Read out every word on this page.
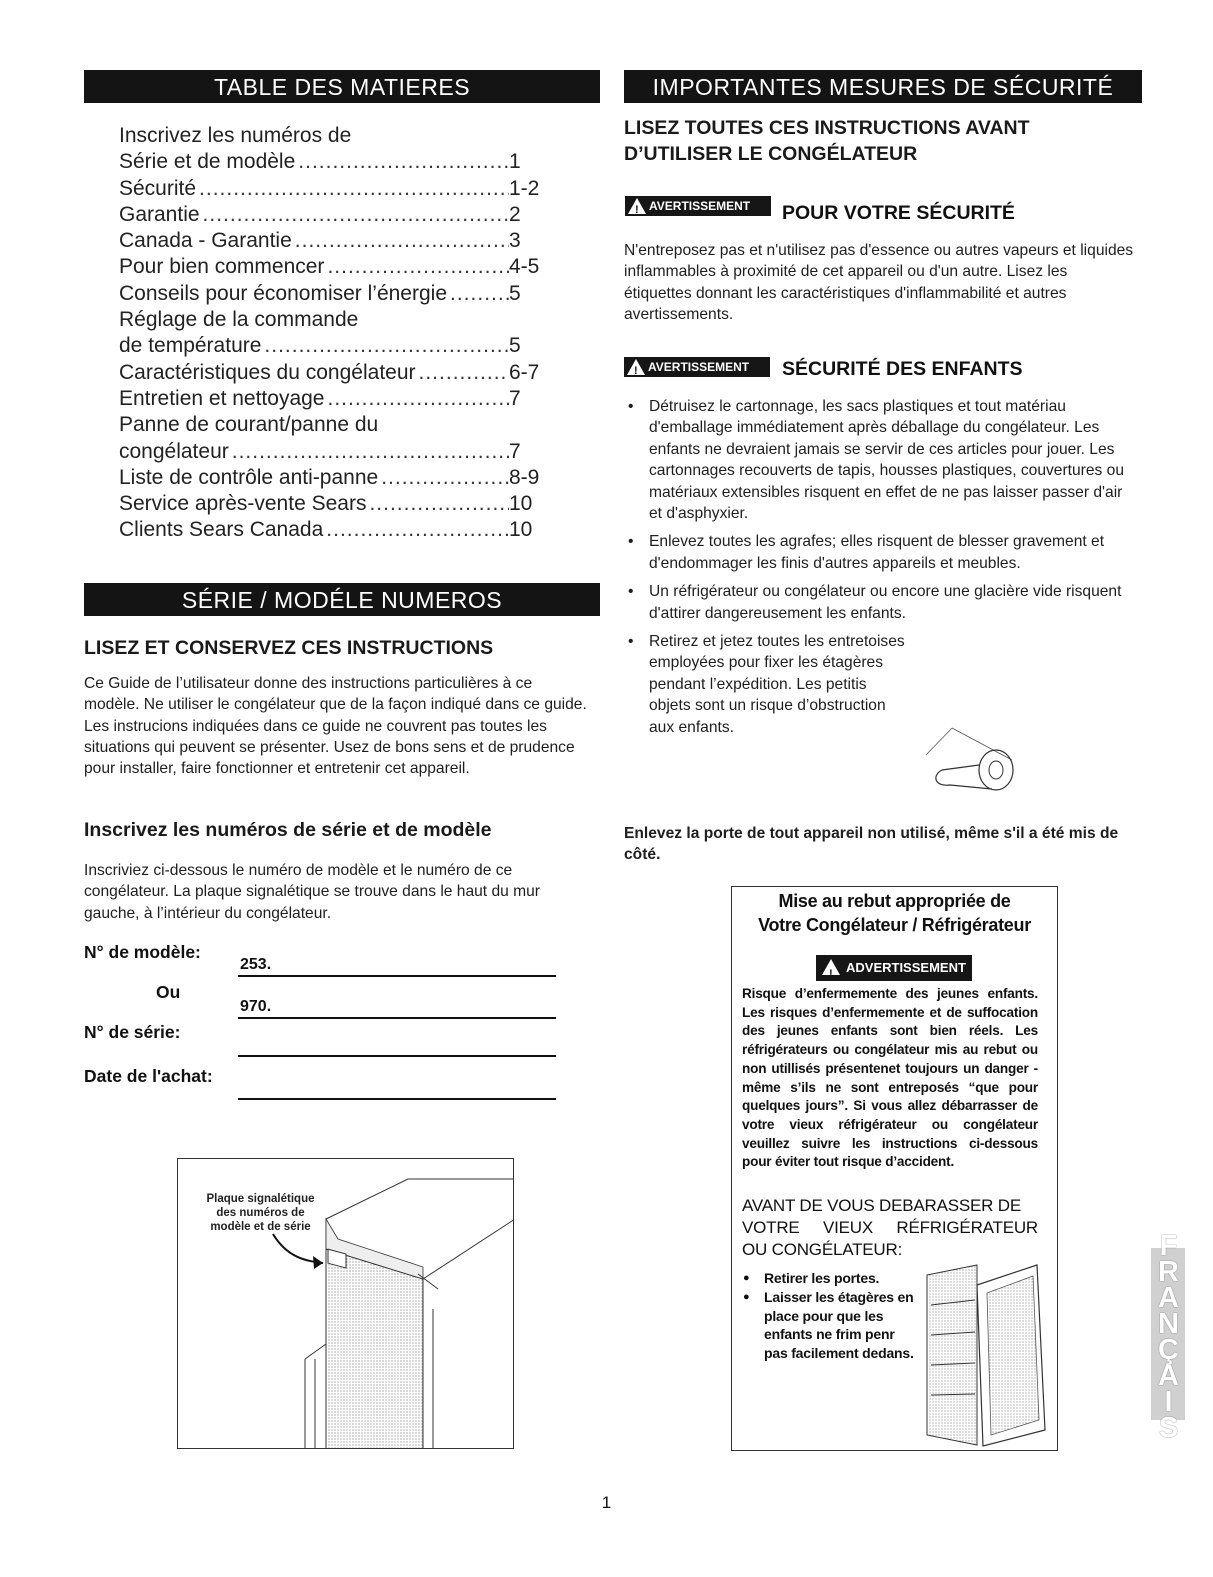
TABLE DES MATIERES
Inscrivez les numéros de
Série et de modèle .....	1
Sécurité .....	1-2
Garantie .....	2
Canada - Garantie .....	3
Pour bien commencer .....	4-5
Conseils pour économiser l’énergie .....	5
Réglage de la commande
de température .....	5
Caractéristiques du congélateur .....	6-7
Entretien et nettoyage .....	7
Panne de courant/panne du
congélateur .....	7
Liste de contrôle anti-panne .....	8-9
Service après-vente Sears .....	10
Clients Sears Canada .....	10
SÉRIE / MODÉLE NUMEROS
LISEZ ET CONSERVEZ CES INSTRUCTIONS

Ce Guide de l’utilisateur donne des instructions particulières à ce modèle. Ne utiliser le congélateur que de la façon indiqué dans ce guide. Les instrucions indiquées dans ce guide ne couvrent pas toutes les situations qui peuvent se présenter. Usez de bons sens et de prudence pour installer, faire fonctionner et entretenir cet appareil.

Inscrivez les numéros de série et de modèle

Inscriviez ci-dessous le numéro de modèle et le numéro de ce congélateur. La plaque signalétique se trouve dans le haut du mur gauche, à l’intérieur du congélateur.

N° de modèle:
253.
Ou
970.
N° de série:
Date de l'achat:
Plaque signalétique
des numéros de
modèle et de série
IMPORTANTES MESURES DE SÉCURITÉ
LISEZ TOUTES CES INSTRUCTIONS AVANT
D’UTILISER LE CONGÉLATEUR
!
AVERTISSEMENT	POUR VOTRE SÉCURITÉ

N'entreposez pas et n'utilisez pas d'essence ou autres vapeurs et liquides inflammables à proximité de cet appareil ou d'un autre. Lisez les étiquettes donnant les caractéristiques d'inflammabilité et autres avertissements.

!
AVERTISSEMENT	SÉCURITÉ DES ENFANTS
• Détruisez le cartonnage, les sacs plastiques et tout matériau d'emballage immédiatement après déballage du congélateur. Les enfants ne devraient jamais se servir de ces articles pour jouer. Les cartonnages recouverts de tapis, housses plastiques, couvertures ou matériaux extensibles risquent en effet de ne pas laisser passer d'air et d'asphyxier.
• Enlevez toutes les agrafes; elles risquent de blesser gravement et d'endommager les finis d'autres appareils et meubles.
• Un réfrigérateur ou congélateur ou encore une glacière vide risquent d'attirer dangereusement les enfants.
• Retirez et jetez toutes les entretoises employées pour fixer les étagères pendant l’expédition. Les petitis objets sont un risque d’obstruction aux enfants.

Enlevez la porte de tout appareil non utilisé, même s'il a été mis de côté.

Mise au rebut appropriée de
Votre Congélateur / Réfrigérateur
!
ADVERTISSEMENT
Risque d’enfermemente des jeunes enfants. Les risques d’enfermemente et de suffocation des jeunes enfants sont bien réels. Les réfrigérateurs ou congélateur mis au rebut ou non utillisés présentenet toujours un danger - même s’ils ne sont entreposés “que pour quelques jours”. Si vous allez débarrasser de votre vieux réfrigérateur ou congélateur veuillez suivre les instructions ci-dessous pour éviter tout risque d’accident.
AVANT DE VOUS DEBARASSER DE
VOTRE VIEUX RÉFRIGÉRATEUR
OU CONGÉLATEUR:
● Retirer les portes.
● Laisser les étagères en place pour que les enfants ne frim penr pas facilement dedans.	FRANÇAIS
1
